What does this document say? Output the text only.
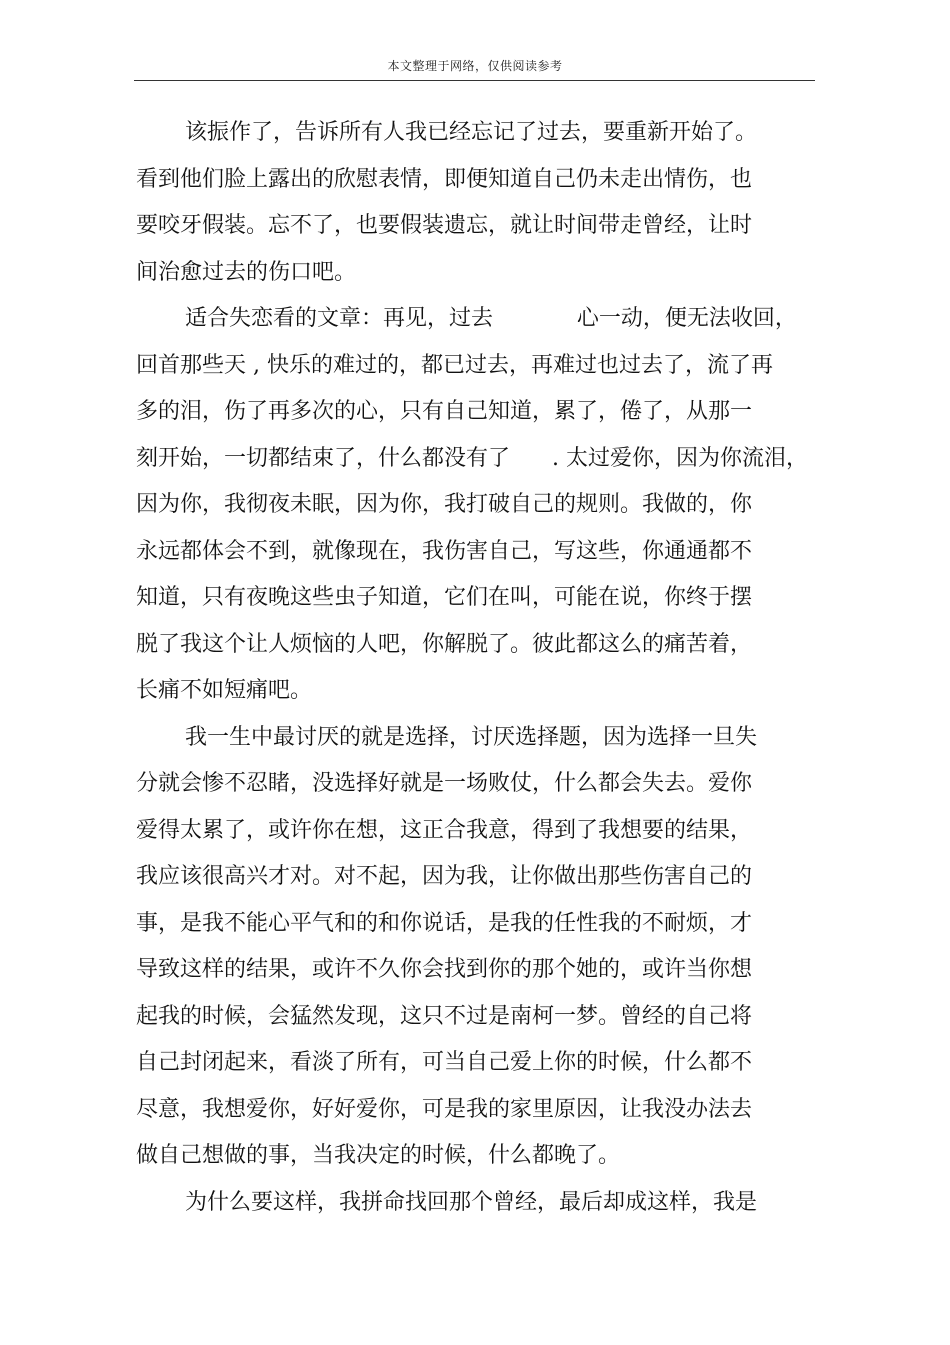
本文整理于网络，仅供阅读参考
该振作了，告诉所有人我已经忘记了过去，要重新开始了。
看到他们脸上露出的欣慰表情，即便知道自己仍未走出情伤，也
要咬牙假装。忘不了，也要假装遗忘，就让时间带走曾经，让时
间治愈过去的伤口吧。
适合失恋看的文章：再见，过去            心一动，便无法收回，
回首那些天 , 快乐的难过的，都已过去，再难过也过去了，流了再
多的泪，伤了再多次的心，只有自己知道，累了，倦了，从那一
刻开始，一切都结束了，什么都没有了      . 太过爱你，因为你流泪，
因为你，我彻夜未眠，因为你，我打破自己的规则。我做的，你
永远都体会不到，就像现在，我伤害自己，写这些，你通通都不
知道，只有夜晚这些虫子知道，它们在叫，可能在说，你终于摆
脱了我这个让人烦恼的人吧，你解脱了。彼此都这么的痛苦着，
长痛不如短痛吧。
我一生中最讨厌的就是选择，讨厌选择题，因为选择一旦失
分就会惨不忍睹，没选择好就是一场败仗，什么都会失去。爱你
爱得太累了，或许你在想，这正合我意，得到了我想要的结果，
我应该很高兴才对。对不起，因为我，让你做出那些伤害自己的
事，是我不能心平气和的和你说话，是我的任性我的不耐烦，才
导致这样的结果，或许不久你会找到你的那个她的，或许当你想
起我的时候，会猛然发现，这只不过是南柯一梦。曾经的自己将
自己封闭起来，看淡了所有，可当自己爱上你的时候，什么都不
尽意，我想爱你，好好爱你，可是我的家里原因，让我没办法去
做自己想做的事，当我决定的时候，什么都晚了。
为什么要这样，我拼命找回那个曾经，最后却成这样，我是
